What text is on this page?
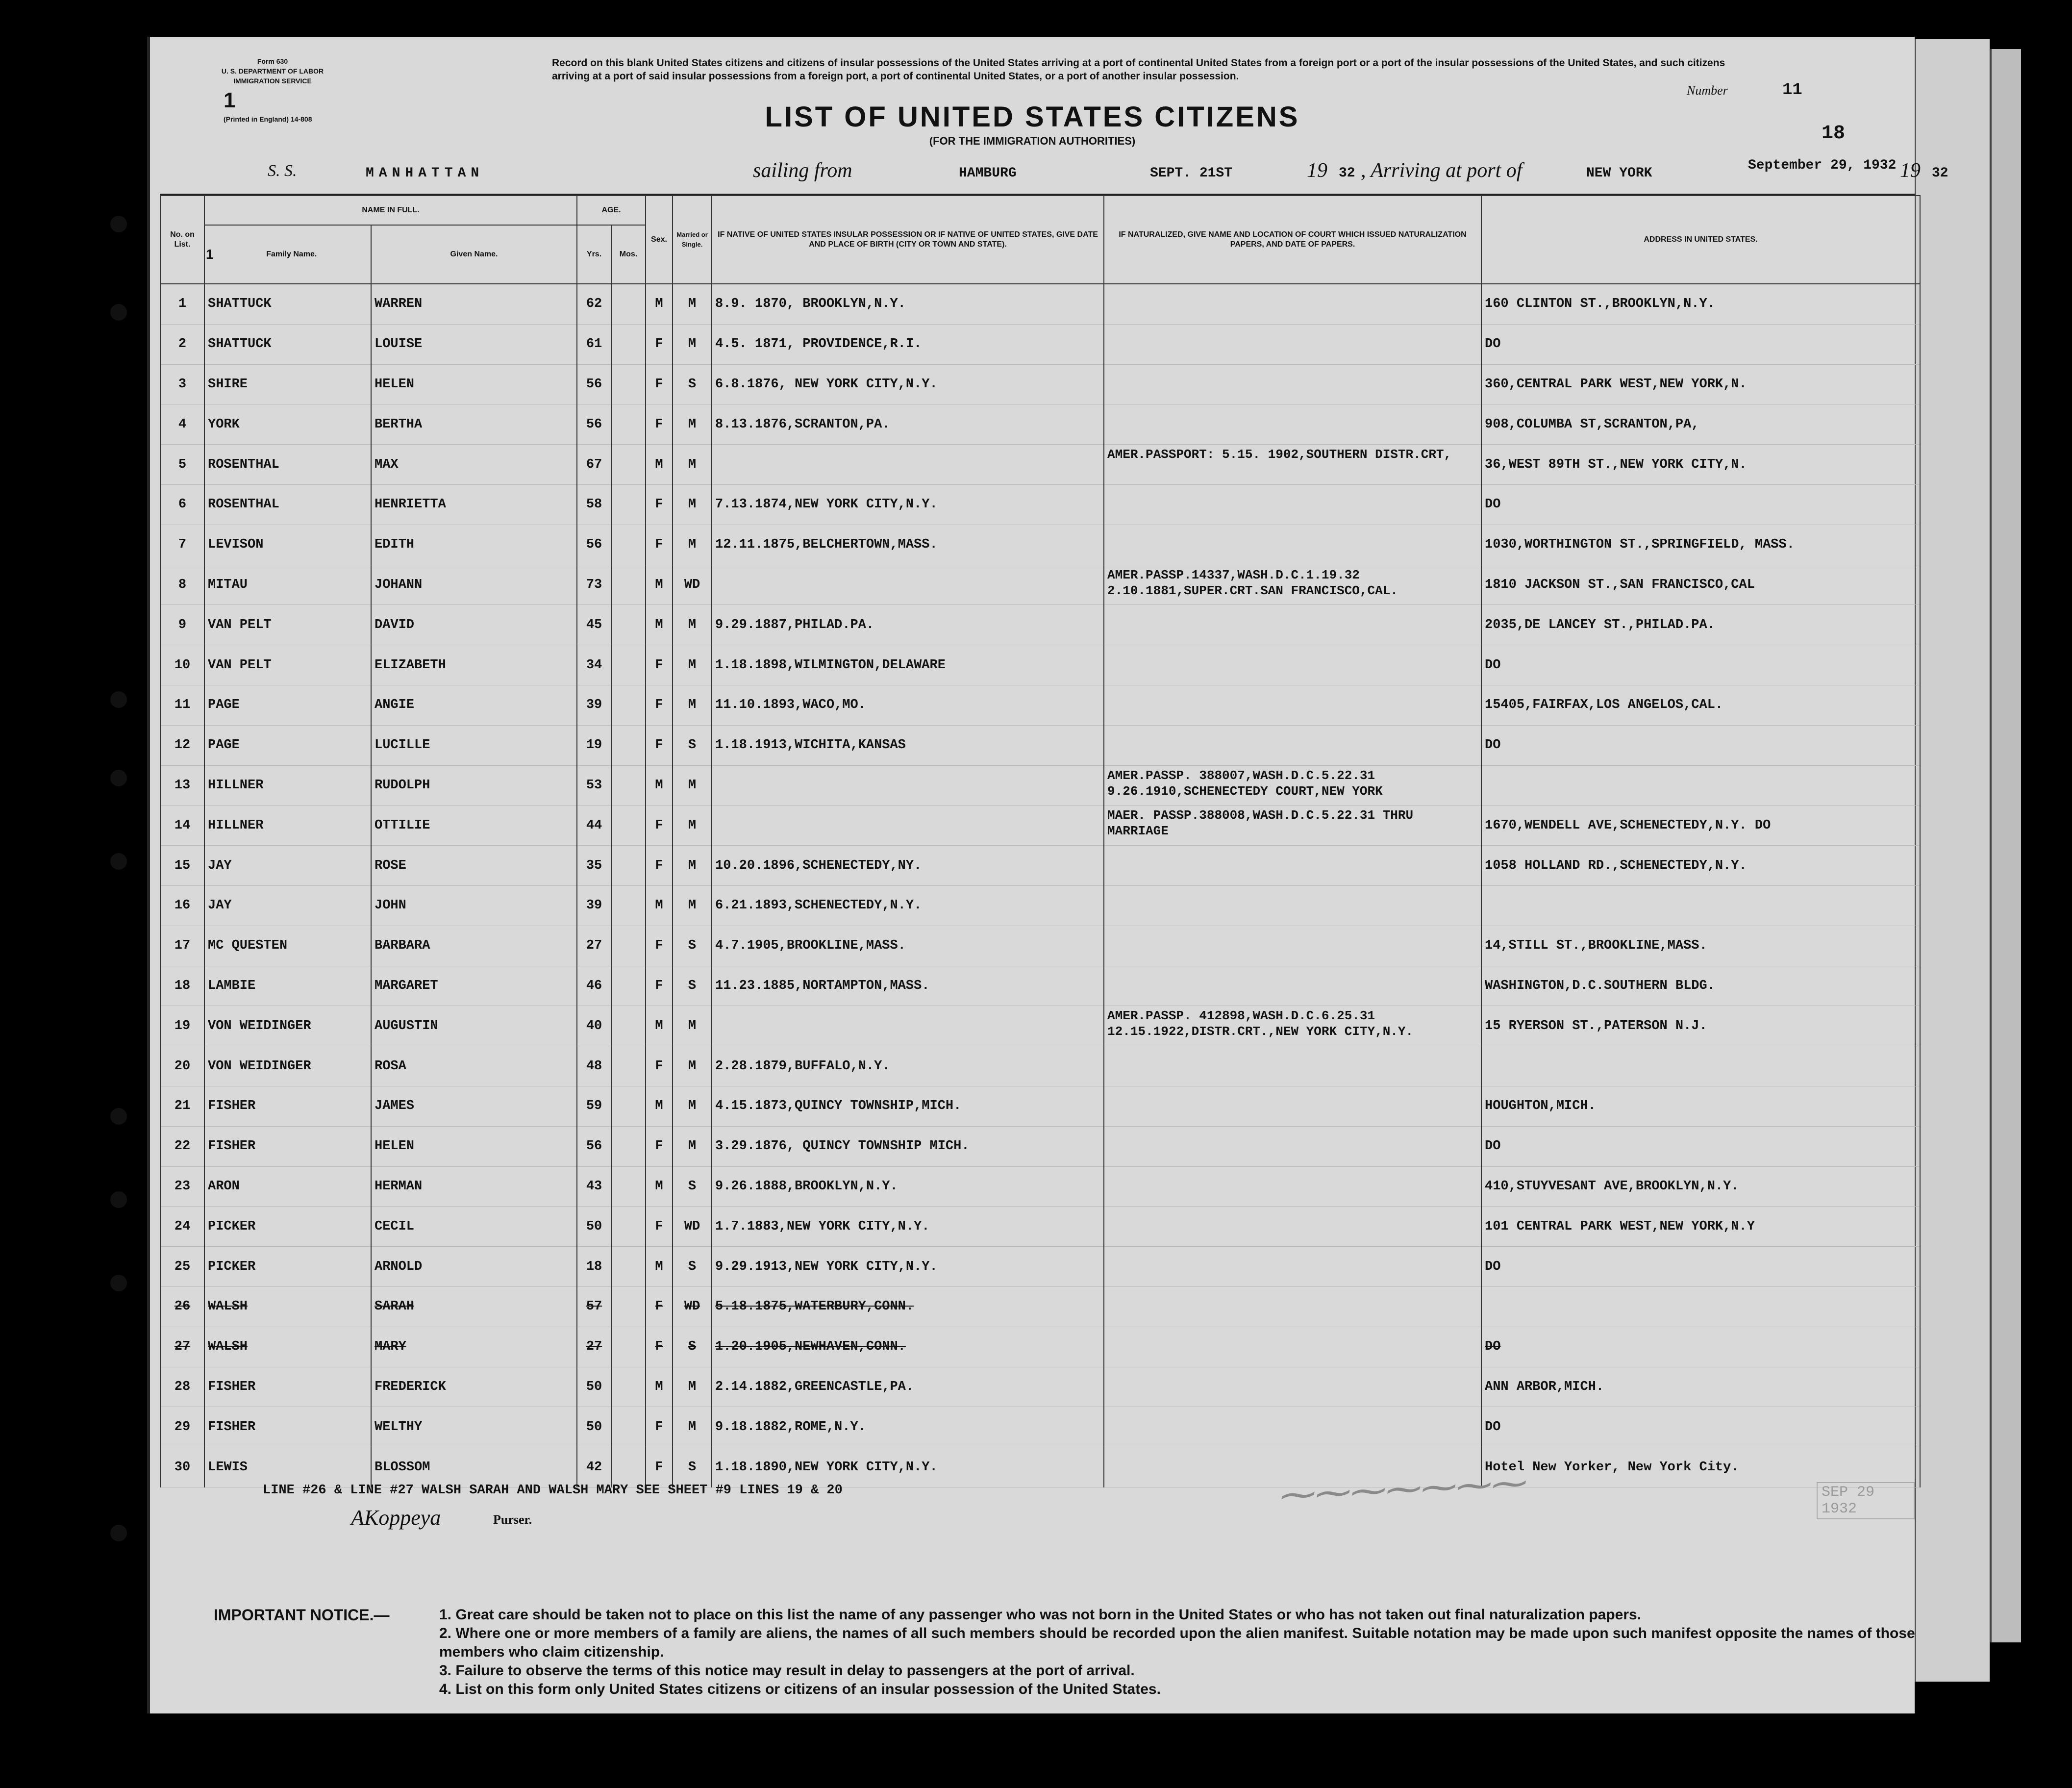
Form 630
U. S. DEPARTMENT OF LABOR
IMMIGRATION SERVICE
1
(Printed in England) 14-808
Record on this blank United States citizens and citizens of insular possessions of the United States arriving at a port of continental United States from a foreign port or a port of the insular possessions of the United States, and such citizens arriving at a port of said insular possessions from a foreign port, a port of continental United States, or a port of another insular possession.
LIST OF UNITED STATES CITIZENS
(FOR THE IMMIGRATION AUTHORITIES)
Number	11
18
S. S.	MANHATTAN	sailing from	HAMBURG	SEPT. 21ST	19 32 , Arriving at port of	NEW YORK
September 29, 1932 19 32
No. on List.	NAME IN FULL.		AGE.		Sex.	Married or Single.	IF NATIVE OF UNITED STATES INSULAR POSSESSION OR IF NATIVE OF UNITED STATES, GIVE DATE AND PLACE OF BIRTH (CITY OR TOWN AND STATE).	IF NATURALIZED, GIVE NAME AND LOCATION OF COURT WHICH ISSUED NATURALIZATION PAPERS, AND DATE OF PAPERS.	ADDRESS IN UNITED STATES.

	1 Family Name.	Given Name.	Yrs.	Mos.					
1	SHATTUCK	WARREN	62		M	M	8.9. 1870, BROOKLYN,N.Y.		160 CLINTON ST.,BROOKLYN,N.Y.
2	SHATTUCK	LOUISE	61		F	M	4.5. 1871, PROVIDENCE,R.I.		DO
3	SHIRE	HELEN	56		F	S	6.8.1876, NEW YORK CITY,N.Y.		360,CENTRAL PARK WEST,NEW YORK,N.
4	YORK	BERTHA	56		F	M	8.13.1876,SCRANTON,PA.		908,COLUMBA ST,SCRANTON,PA,
5	ROSENTHAL	MAX	67		M	M		AMER.PASSPORT: 5.15. 1902,SOUTHERN DISTR.CRT,	36,WEST 89TH ST.,NEW YORK CITY,N.
6	ROSENTHAL	HENRIETTA	58		F	M	7.13.1874,NEW YORK CITY,N.Y.		DO
7	LEVISON	EDITH	56		F	M	12.11.1875,BELCHERTOWN,MASS.		1030,WORTHINGTON ST.,SPRINGFIELD, MASS.
8	MITAU	JOHANN	73		M	WD		AMER.PASSP.14337,WASH.D.C.1.19.32 2.10.1881,SUPER.CRT.SAN FRANCISCO,CAL.	1810 JACKSON ST.,SAN FRANCISCO,CAL
9	VAN PELT	DAVID	45		M	M	9.29.1887,PHILAD.PA.		2035,DE LANCEY ST.,PHILAD.PA.
10	VAN PELT	ELIZABETH	34		F	M	1.18.1898,WILMINGTON,DELAWARE		DO
11	PAGE	ANGIE	39		F	M	11.10.1893,WACO,MO.		15405,FAIRFAX,LOS ANGELOS,CAL.
12	PAGE	LUCILLE	19		F	S	1.18.1913,WICHITA,KANSAS		DO
13	HILLNER	RUDOLPH	53		M	M		AMER.PASSP. 388007,WASH.D.C.5.22.31 9.26.1910,SCHENECTEDY COURT,NEW YORK	
14	HILLNER	OTTILIE	44		F	M		MAER. PASSP.388008,WASH.D.C.5.22.31 THRU MARRIAGE	1670,WENDELL AVE,SCHENECTEDY,N.Y. DO
15	JAY	ROSE	35		F	M	10.20.1896,SCHENECTEDY,NY.		1058 HOLLAND RD.,SCHENECTEDY,N.Y.
16	JAY	JOHN	39		M	M	6.21.1893,SCHENECTEDY,N.Y.		
17	MC QUESTEN	BARBARA	27		F	S	4.7.1905,BROOKLINE,MASS.		14,STILL ST.,BROOKLINE,MASS.
18	LAMBIE	MARGARET	46		F	S	11.23.1885,NORTAMPTON,MASS.		WASHINGTON,D.C.SOUTHERN BLDG.
19	VON WEIDINGER	AUGUSTIN	40		M	M		AMER.PASSP. 412898,WASH.D.C.6.25.31 12.15.1922,DISTR.CRT.,NEW YORK CITY,N.Y.	15 RYERSON ST.,PATERSON N.J.
20	VON WEIDINGER	ROSA	48		F	M	2.28.1879,BUFFALO,N.Y.		
21	FISHER	JAMES	59		M	M	4.15.1873,QUINCY TOWNSHIP,MICH.		HOUGHTON,MICH.
22	FISHER	HELEN	56		F	M	3.29.1876, QUINCY TOWNSHIP MICH.		DO
23	ARON	HERMAN	43		M	S	9.26.1888,BROOKLYN,N.Y.		410,STUYVESANT AVE,BROOKLYN,N.Y.
24	PICKER	CECIL	50		F	WD	1.7.1883,NEW YORK CITY,N.Y.		101 CENTRAL PARK WEST,NEW YORK,N.Y
25	PICKER	ARNOLD	18		M	S	9.29.1913,NEW YORK CITY,N.Y.		DO
26	WALSH	SARAH	57		F	WD	5.18.1875,WATERBURY,CONN.		
27	WALSH	MARY	27		F	S	1.20.1905,NEWHAVEN,CONN.		DO
28	FISHER	FREDERICK	50		M	M	2.14.1882,GREENCASTLE,PA.		ANN ARBOR,MICH.
29	FISHER	WELTHY	50		F	M	9.18.1882,ROME,N.Y.		DO
30	LEWIS	BLOSSOM	42		F	S	1.18.1890,NEW YORK CITY,N.Y.		Hotel New Yorker, New York City.
LINE #26 & LINE #27 WALSH SARAH AND WALSH MARY SEE SHEET #9 LINES 19 & 20
AKoppeya	Purser.
⁓⁓⁓⁓⁓⁓⁓	SEP 29 1932
IMPORTANT NOTICE.—	1. Great care should be taken not to place on this list the name of any passenger who was not born in the United States or who has not taken out final naturalization papers.
2. Where one or more members of a family are aliens, the names of all such members should be recorded upon the alien manifest. Suitable notation may be made upon such manifest opposite the names of those members who claim citizenship.
3. Failure to observe the terms of this notice may result in delay to passengers at the port of arrival.
4. List on this form only United States citizens or citizens of an insular possession of the United States.
